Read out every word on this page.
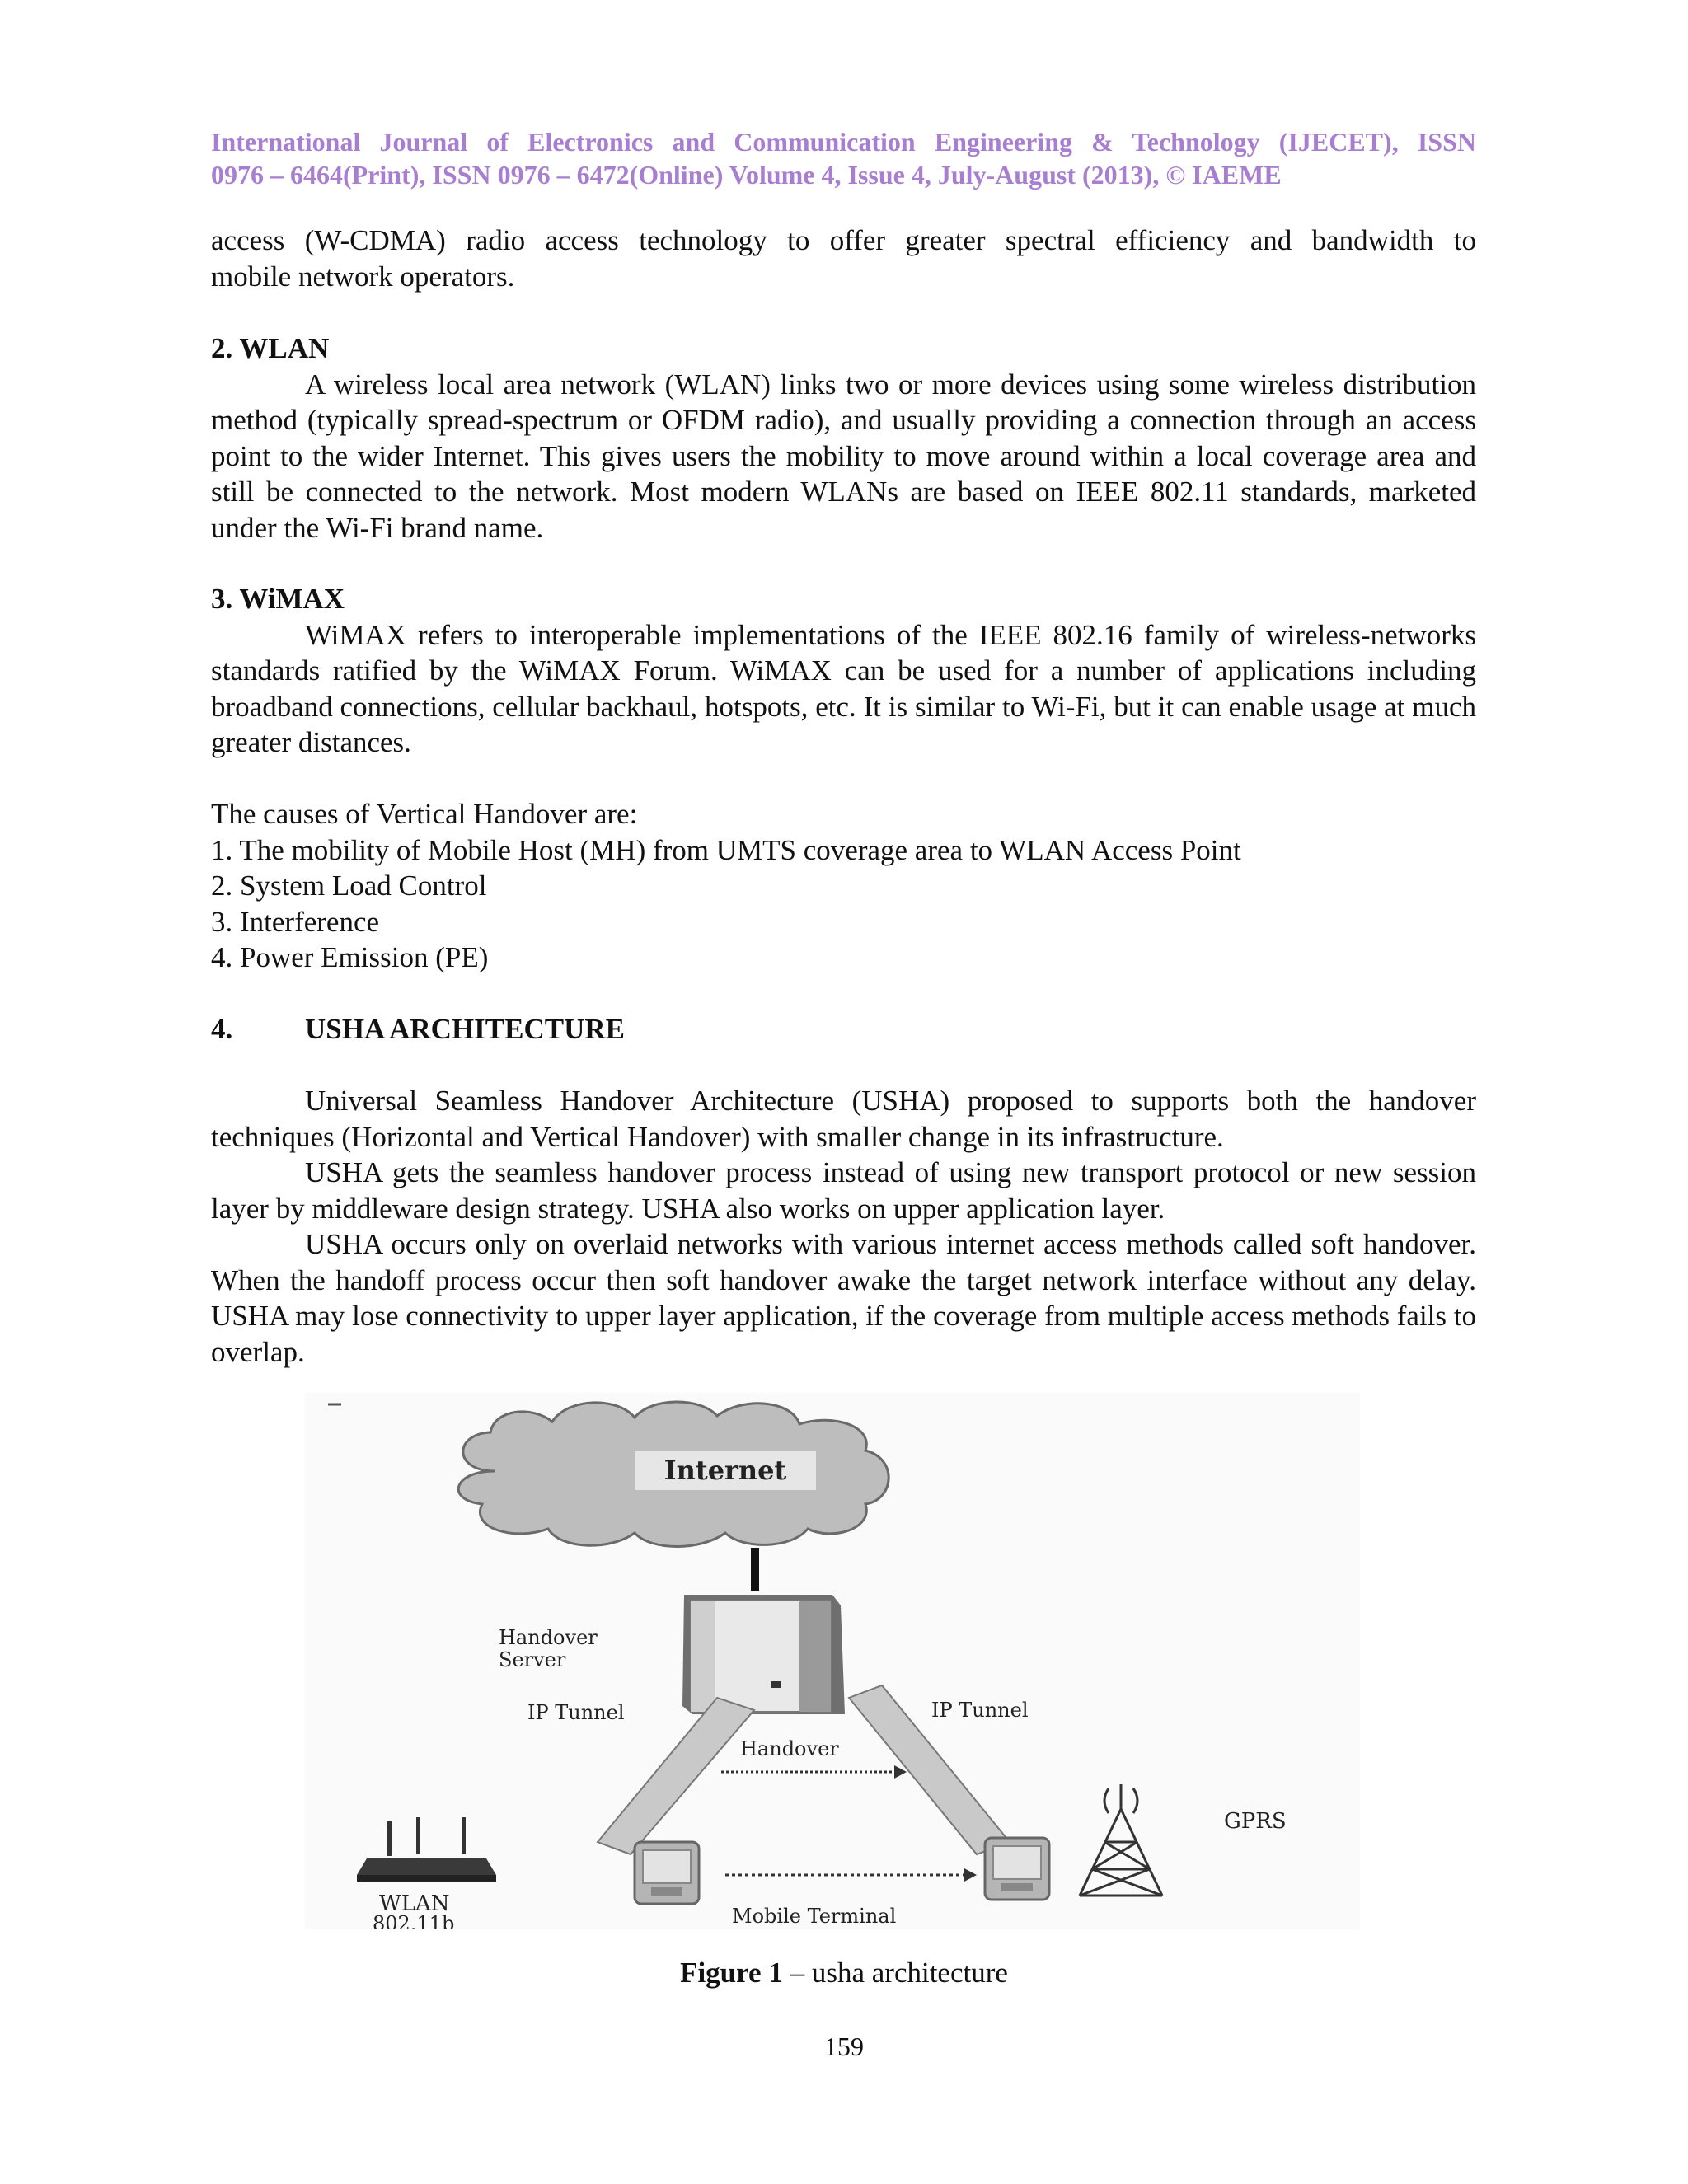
International Journal of Electronics and Communication Engineering & Technology (IJECET), ISSN
0976 – 6464(Print), ISSN 0976 – 6472(Online) Volume 4, Issue 4, July-August (2013), © IAEME
access (W-CDMA) radio access technology to offer greater spectral efficiency and bandwidth to
mobile network operators.
2. WLAN

A wireless local area network (WLAN) links two or more devices using some wireless distribution method (typically spread-spectrum or OFDM radio), and usually providing a connection through an access point to the wider Internet. This gives users the mobility to move around within a local coverage area and still be connected to the network. Most modern WLANs are based on IEEE 802.11 standards, marketed under the Wi-Fi brand name.

3. WiMAX

WiMAX refers to interoperable implementations of the IEEE 802.16 family of wireless-networks standards ratified by the WiMAX Forum. WiMAX can be used for a number of applications including broadband connections, cellular backhaul, hotspots, etc. It is similar to Wi-Fi, but it can enable usage at much greater distances.

The causes of Vertical Handover are:
1. The mobility of Mobile Host (MH) from UMTS coverage area to WLAN Access Point
2. System Load Control
3. Interference
4. Power Emission (PE)
4.	USHA ARCHITECTURE

Universal Seamless Handover Architecture (USHA) proposed to supports both the handover techniques (Horizontal and Vertical Handover) with smaller change in its infrastructure.

USHA gets the seamless handover process instead of using new transport protocol or new session layer by middleware design strategy. USHA also works on upper application layer.

USHA occurs only on overlaid networks with various internet access methods called soft handover. When the handoff process occur then soft handover awake the target network interface without any delay. USHA may lose connectivity to upper layer application, if the coverage from multiple access methods fails to overlap.

Internet
Handover
Server
IP Tunnel	IP Tunnel
Handover
WLAN
802.11b	Mobile Terminal
GPRS
Figure 1 – usha architecture
159
